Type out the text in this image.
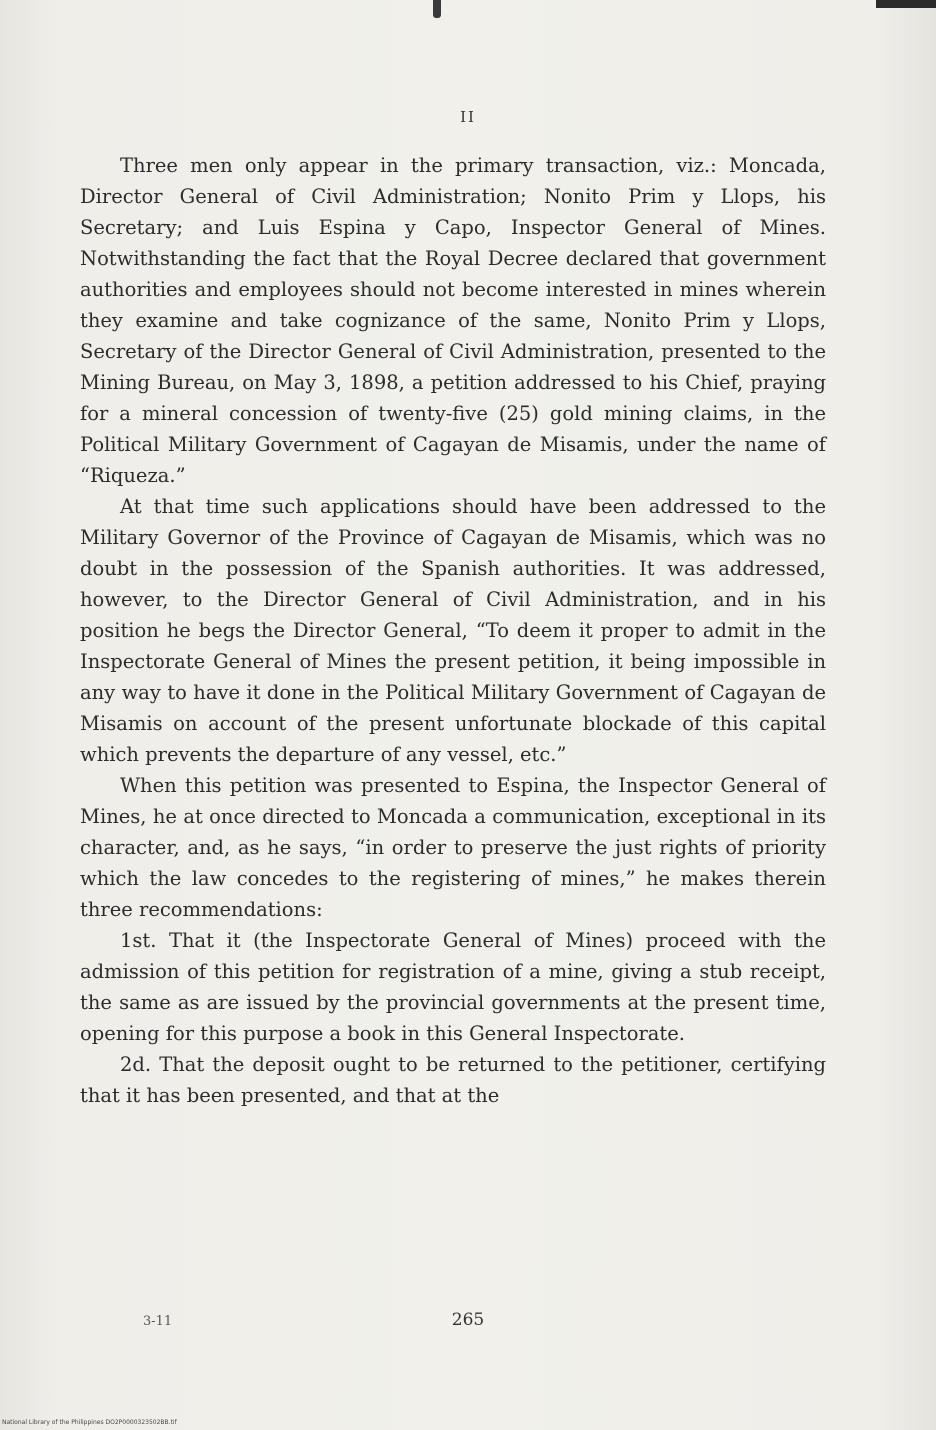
II

Three men only appear in the primary transaction, viz.: Moncada, Director General of Civil Administration; Nonito Prim y Llops, his Secretary; and Luis Espina y Capo, Inspector General of Mines. Notwithstanding the fact that the Royal Decree declared that government authorities and employees should not become interested in mines wherein they examine and take cognizance of the same, Nonito Prim y Llops, Secretary of the Director General of Civil Administration, presented to the Mining Bureau, on May 3, 1898, a petition addressed to his Chief, praying for a mineral concession of twenty-five (25) gold mining claims, in the Political Military Government of Cagayan de Misamis, under the name of “Riqueza.”

At that time such applications should have been addressed to the Military Governor of the Province of Cagayan de Misamis, which was no doubt in the possession of the Spanish authorities. It was addressed, however, to the Director General of Civil Administration, and in his position he begs the Director General, “To deem it proper to admit in the Inspectorate General of Mines the present petition, it being impossible in any way to have it done in the Political Military Government of Cagayan de Misamis on account of the present unfortunate blockade of this capital which prevents the departure of any vessel, etc.”

When this petition was presented to Espina, the Inspector General of Mines, he at once directed to Moncada a communication, exceptional in its character, and, as he says, “in order to preserve the just rights of priority which the law concedes to the registering of mines,” he makes therein three recommendations:

1st. That it (the Inspectorate General of Mines) proceed with the admission of this petition for registration of a mine, giving a stub receipt, the same as are issued by the provincial governments at the present time, opening for this purpose a book in this General Inspectorate.

2d. That the deposit ought to be returned to the petitioner, certifying that it has been presented, and that at the

3-11	265
National Library of the Philippines DO2P0000323502BB.tif
